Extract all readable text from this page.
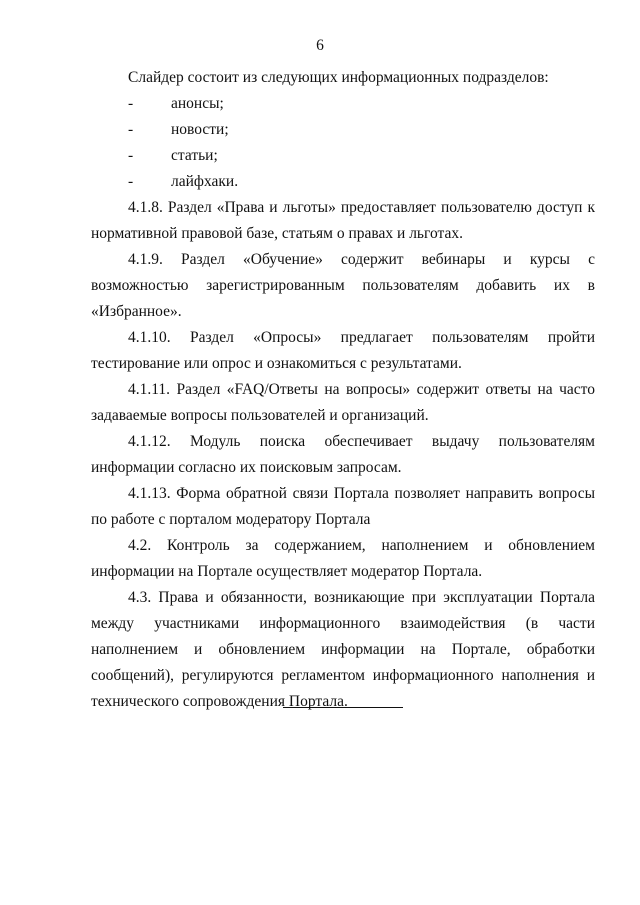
6

Слайдер состоит из следующих информационных подразделов:

- анонсы;
- новости;
- статьи;
- лайфхаки.

4.1.8. Раздел «Права и льготы» предоставляет пользователю доступ к нормативной правовой базе, статьям о правах и льготах.

4.1.9. Раздел «Обучение» содержит вебинары и курсы с возможностью зарегистрированным пользователям добавить их в «Избранное».

4.1.10. Раздел «Опросы» предлагает пользователям пройти тестирование или опрос и ознакомиться с результатами.

4.1.11. Раздел «FAQ/Ответы на вопросы» содержит ответы на часто задаваемые вопросы пользователей и организаций.

4.1.12. Модуль поиска обеспечивает выдачу пользователям информации согласно их поисковым запросам.

4.1.13. Форма обратной связи Портала позволяет направить вопросы по работе с порталом модератору Портала

4.2. Контроль за содержанием, наполнением и обновлением информации на Портале осуществляет модератор Портала.

4.3. Права и обязанности, возникающие при эксплуатации Портала между участниками информационного взаимодействия (в части наполнением и обновлением информации на Портале, обработки сообщений), регулируются регламентом информационного наполнения и технического сопровождения Портала.
